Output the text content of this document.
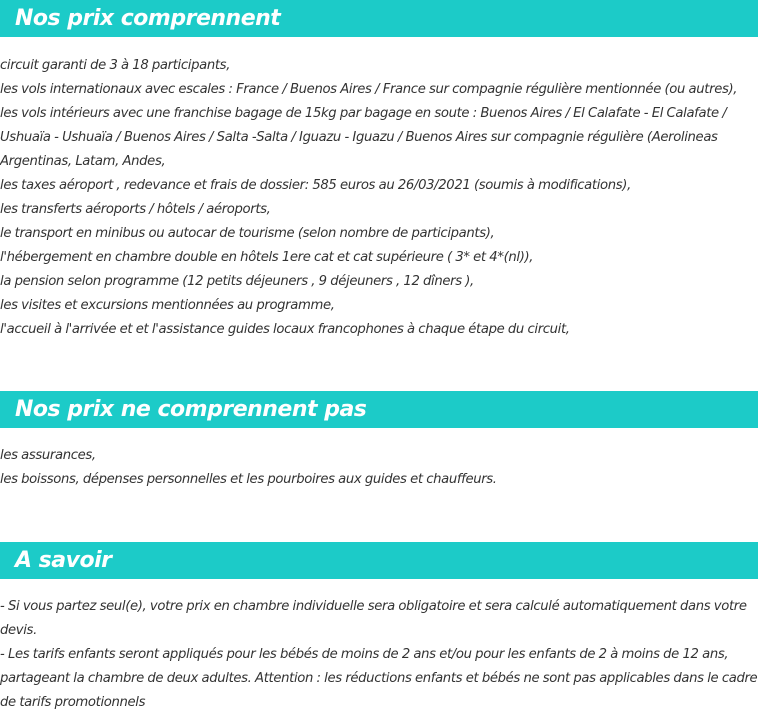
Nos prix comprennent
circuit garanti de 3 à 18 participants,
les vols internationaux avec escales : France / Buenos Aires / France sur compagnie régulière mentionnée (ou autres),
les vols intérieurs avec une franchise bagage de 15kg par bagage en soute : Buenos Aires / El Calafate - El Calafate /
Ushuaïa - Ushuaïa / Buenos Aires / Salta -Salta / Iguazu - Iguazu / Buenos Aires sur compagnie régulière (Aerolineas
Argentinas, Latam, Andes,
les taxes aéroport , redevance et frais de dossier: 585 euros au 26/03/2021 (soumis à modifications),
les transferts aéroports / hôtels / aéroports,
le transport en minibus ou autocar de tourisme (selon nombre de participants),
l'hébergement en chambre double en hôtels 1ere cat et cat supérieure ( 3* et 4*(nl)),
la pension selon programme (12 petits déjeuners , 9 déjeuners , 12 dîners ),
les visites et excursions mentionnées au programme,
l'accueil à l'arrivée et et l'assistance guides locaux francophones à chaque étape du circuit,
Nos prix ne comprennent pas
les assurances,
les boissons, dépenses personnelles et les pourboires aux guides et chauffeurs.
A savoir
- Si vous partez seul(e), votre prix en chambre individuelle sera obligatoire et sera calculé automatiquement dans votre
devis.
- Les tarifs enfants seront appliqués pour les bébés de moins de 2 ans et/ou pour les enfants de 2 à moins de 12 ans,
partageant la chambre de deux adultes. Attention : les réductions enfants et bébés ne sont pas applicables dans le cadre
de tarifs promotionnels
